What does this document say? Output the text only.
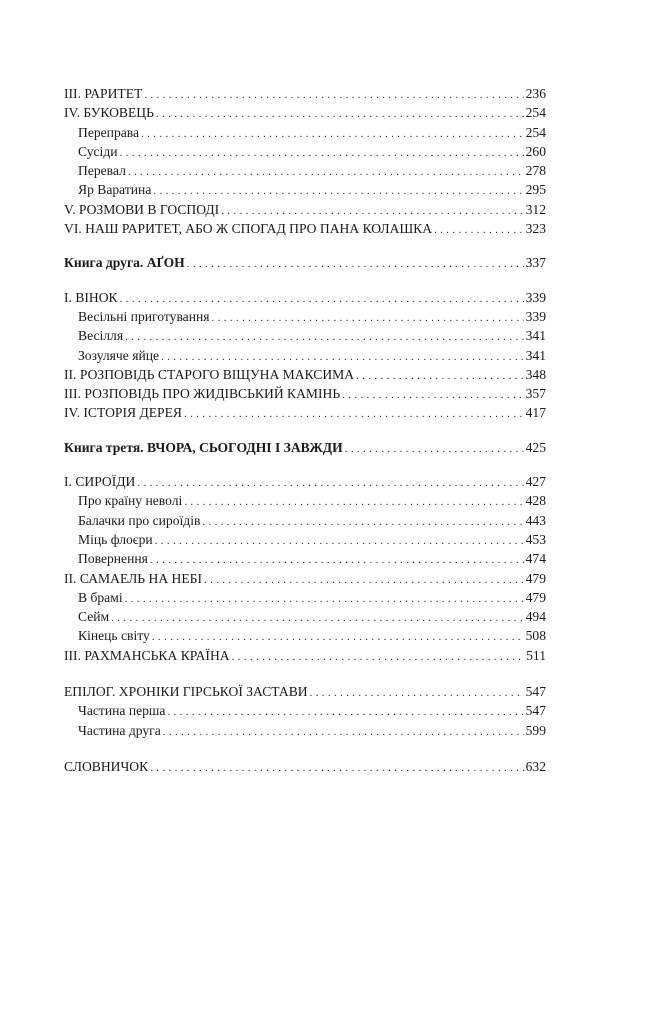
ІІІ. РАРИТЕТ . . .	236
IV. БУКОВЕЦЬ . . .	254
Переправа . . .	254
Сусіди . . .	260
Перевал . . .	278
Яр Варатина . . .	295
V. РОЗМОВИ В ГОСПОДІ . . .	312
VI. НАШ РАРИТЕТ, АБО Ж СПОГАД ПРО ПАНА КОЛАШКА . . .	323
Книга друга. АҐОН . . .	337
І. ВІНОК . . .	339
Весільні приготування . . .	339
Весілля . . .	341
Зозуляче яйце . . .	341
ІІ. РОЗПОВІДЬ СТАРОГО ВІЩУНА МАКСИМА . . .	348
ІІІ. РОЗПОВІДЬ ПРО ЖИДІВСЬКИЙ КАМІНЬ . . .	357
IV. ІСТОРІЯ ДЕРЕЯ . . .	417
Книга третя. ВЧОРА, СЬОГОДНІ І ЗАВЖДИ . . .	425
І. СИРОЇДИ . . .	427
Про країну неволі . . .	428
Балачки про сироїдів . . .	443
Міць флоєри . . .	453
Повернення . . .	474
ІІ. САМАЕЛЬ НА НЕБІ . . .	479
В брамі . . .	479
Сейм . . .	494
Кінець світу . . .	508
ІІІ. РАХМАНСЬКА КРАЇНА . . .	511
ЕПІЛОГ. ХРОНІКИ ГІРСЬКОЇ ЗАСТАВИ . . .	547
Частина перша . . .	547
Частина друга . . .	599
СЛОВНИЧОК . . .	632
